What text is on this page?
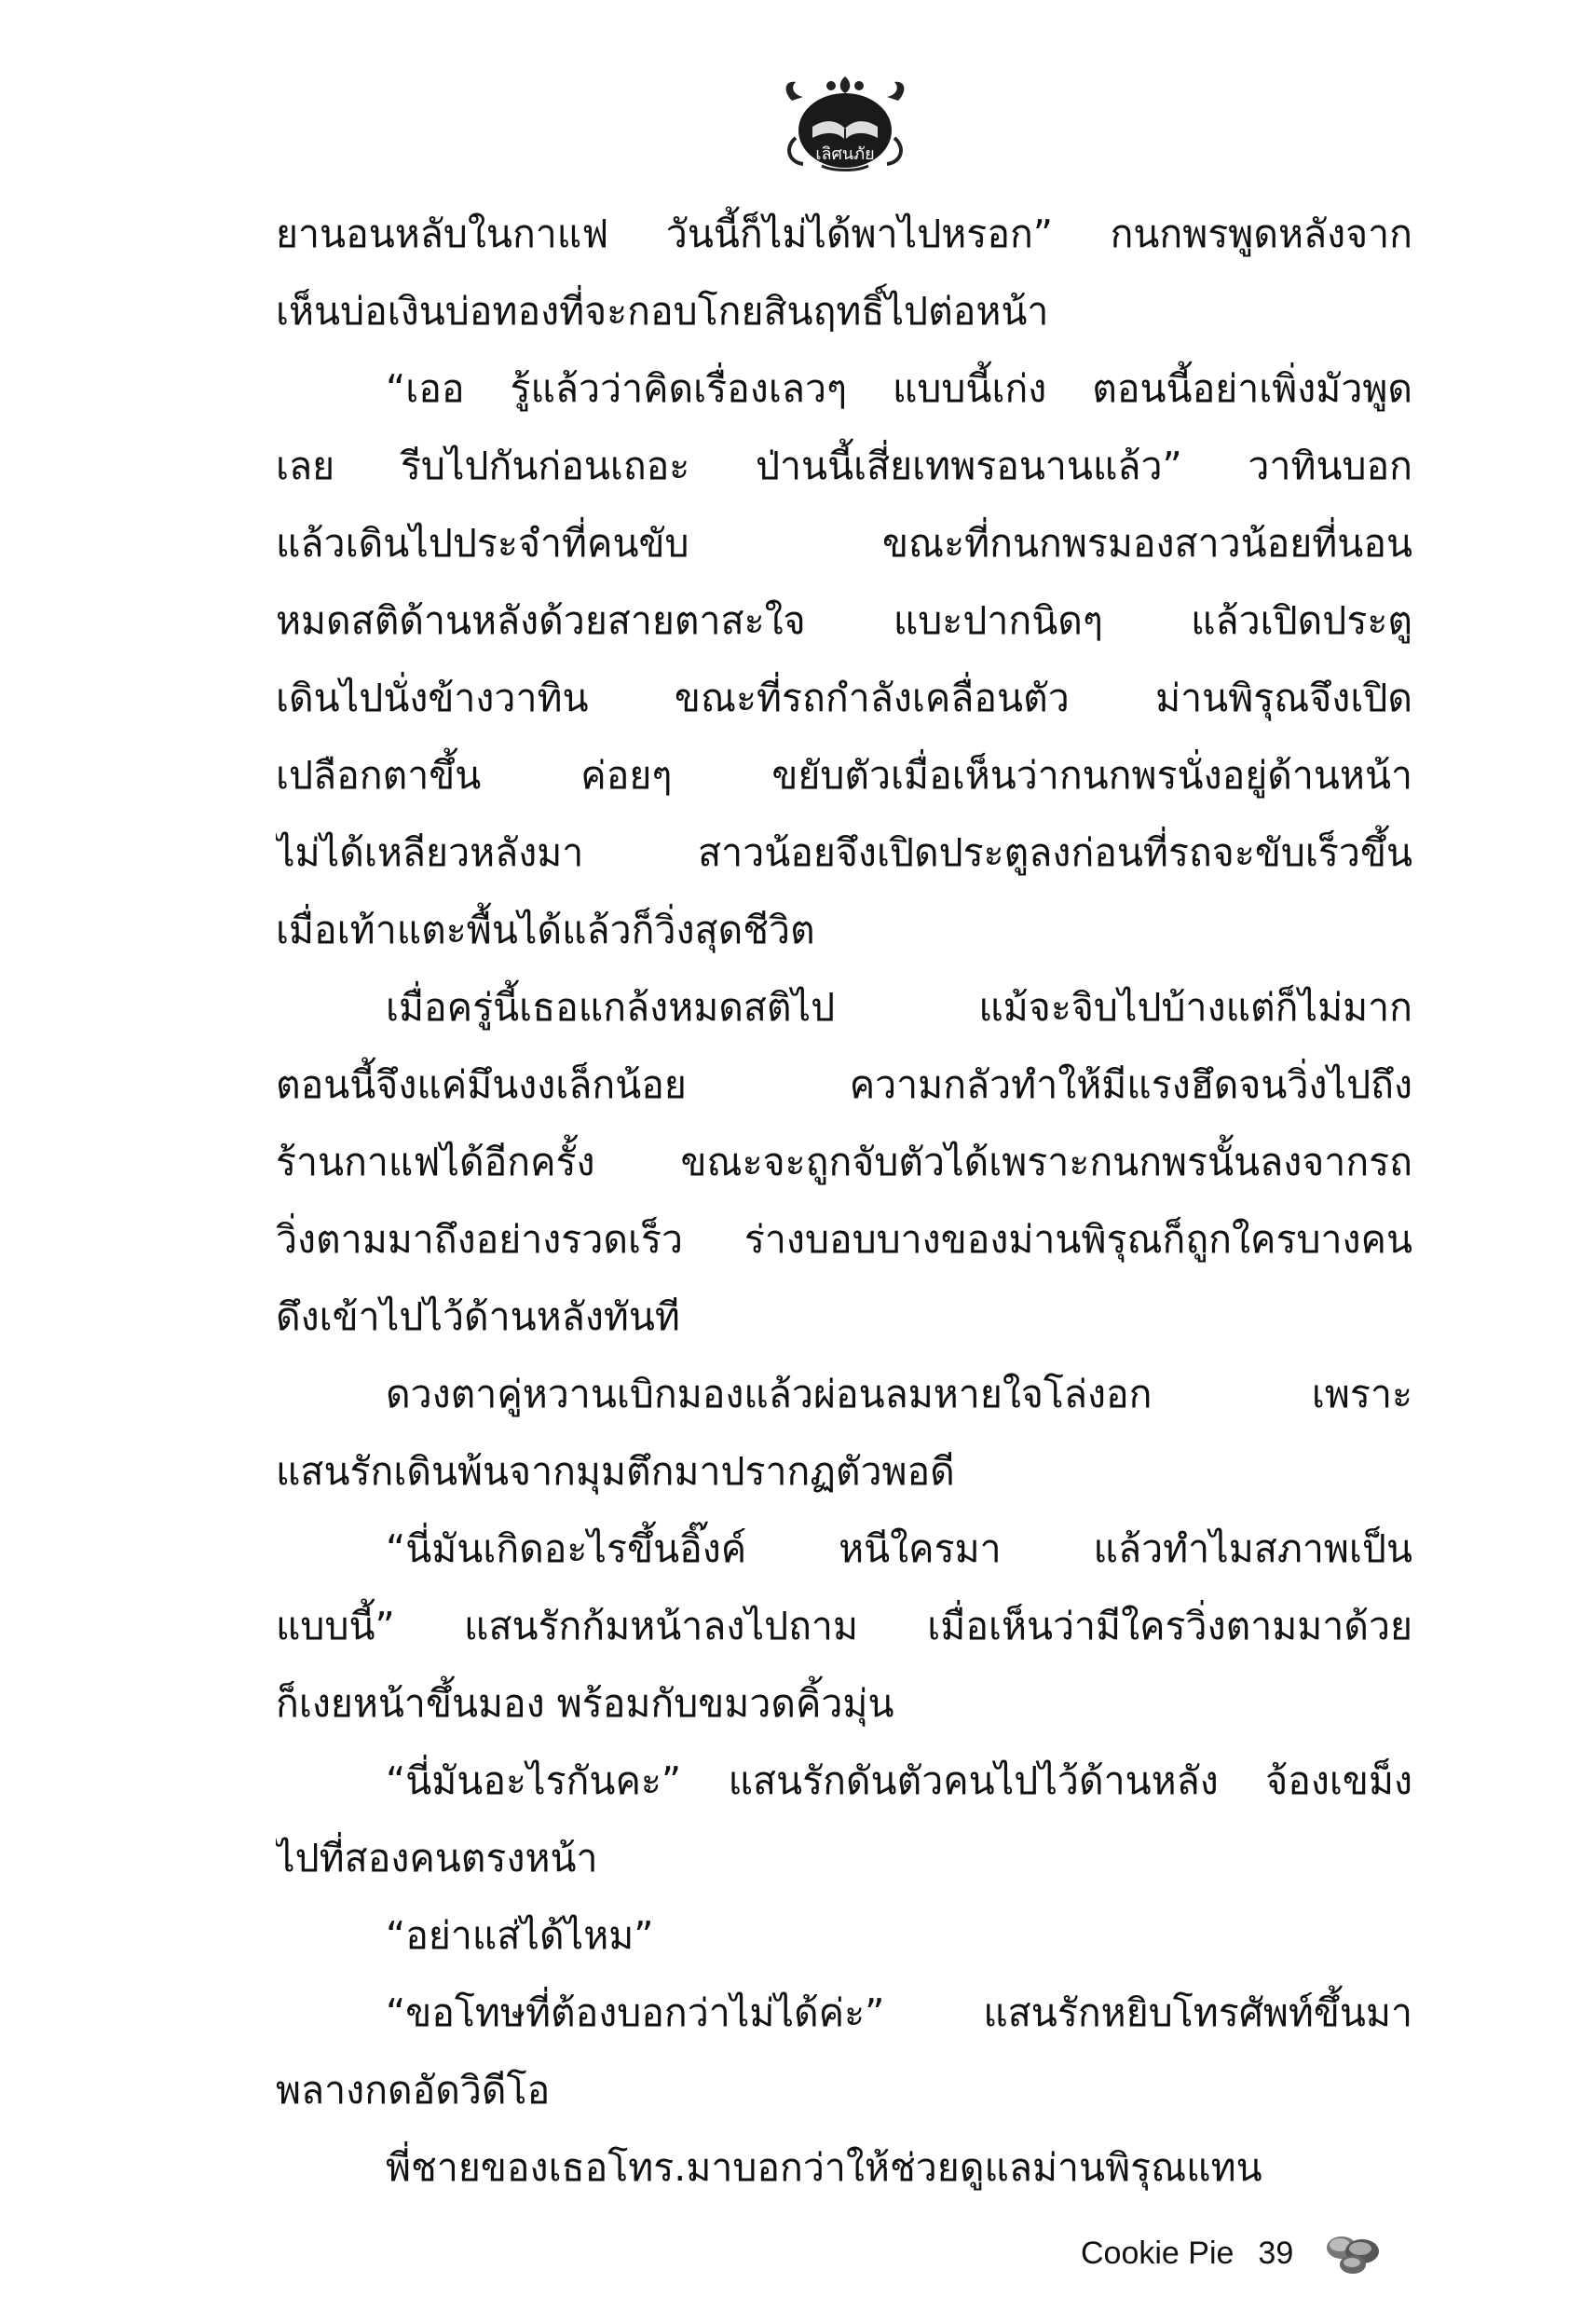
เลิศนภัย
ยานอนหลับในกาแฟ วันนี้ก็ไม่ได้พาไปหรอก” กนกพรพูดหลังจาก
เห็นบ่อเงินบ่อทองที่จะกอบโกยสินฤทธิ์ไปต่อหน้า
“เออ รู้แล้วว่าคิดเรื่องเลวๆ แบบนี้เก่ง ตอนนี้อย่าเพิ่งมัวพูด
เลย รีบไปกันก่อนเถอะ ป่านนี้เสี่ยเทพรอนานแล้ว” วาทินบอก
แล้วเดินไปประจำที่คนขับ ขณะที่กนกพรมองสาวน้อยที่นอน
หมดสติด้านหลังด้วยสายตาสะใจ แบะปากนิดๆ แล้วเปิดประตู
เดินไปนั่งข้างวาทิน ขณะที่รถกำลังเคลื่อนตัว ม่านพิรุณจึงเปิด
เปลือกตาขึ้น ค่อยๆ ขยับตัวเมื่อเห็นว่ากนกพรนั่งอยู่ด้านหน้า
ไม่ได้เหลียวหลังมา สาวน้อยจึงเปิดประตูลงก่อนที่รถจะขับเร็วขึ้น
เมื่อเท้าแตะพื้นได้แล้วก็วิ่งสุดชีวิต
เมื่อครู่นี้เธอแกล้งหมดสติไป แม้จะจิบไปบ้างแต่ก็ไม่มาก
ตอนนี้จึงแค่มึนงงเล็กน้อย ความกลัวทำให้มีแรงฮึดจนวิ่งไปถึง
ร้านกาแฟได้อีกครั้ง ขณะจะถูกจับตัวได้เพราะกนกพรนั้นลงจากรถ
วิ่งตามมาถึงอย่างรวดเร็ว ร่างบอบบางของม่านพิรุณก็ถูกใครบางคน
ดึงเข้าไปไว้ด้านหลังทันที
ดวงตาคู่หวานเบิกมองแล้วผ่อนลมหายใจโล่งอก เพราะ
แสนรักเดินพ้นจากมุมตึกมาปรากฏตัวพอดี
“นี่มันเกิดอะไรขึ้นอิ๊งค์ หนีใครมา แล้วทำไมสภาพเป็น
แบบนี้” แสนรักก้มหน้าลงไปถาม เมื่อเห็นว่ามีใครวิ่งตามมาด้วย
ก็เงยหน้าขึ้นมอง พร้อมกับขมวดคิ้วมุ่น
“นี่มันอะไรกันคะ” แสนรักดันตัวคนไปไว้ด้านหลัง จ้องเขม็ง
ไปที่สองคนตรงหน้า
“อย่าแส่ได้ไหม”
“ขอโทษที่ต้องบอกว่าไม่ได้ค่ะ” แสนรักหยิบโทรศัพท์ขึ้นมา
พลางกดอัดวิดีโอ
พี่ชายของเธอโทร.มาบอกว่าให้ช่วยดูแลม่านพิรุณแทน
Cookie Pie 39
